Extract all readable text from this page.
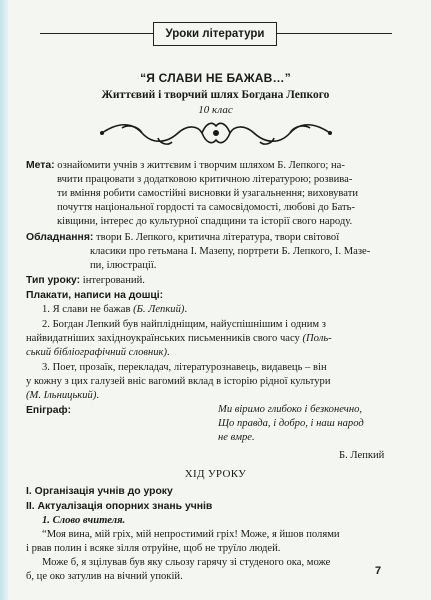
Уроки літератури
“Я СЛАВИ НЕ БАЖАВ…”
Життєвий і творчий шлях Богдана Лепкого
10 клас
Мета: ознайомити учнів з життєвим і творчим шляхом Б. Лепкого; на-
вчити працювати з додатковою критичною літературою; розвива-
ти вміння робити самостійні висновки й узагальнення; виховувати
почуття національної гордості та самосвідомості, любові до Бать-
ківщини, інтерес до культурної спадщини та історії свого народу.
Обладнання: твори Б. Лепкого, критична література, твори світової
класики про гетьмана І. Мазепу, портрети Б. Лепкого, І. Мазе-
пи, ілюстрації.
Тип уроку: інтегрований.
Плакати, написи на дошці:
1. Я слави не бажав (Б. Лепкий).
2. Богдан Лепкий був найплідніщим, найуспішнішим і одним з
найвидатніших західноукраїнських письменників свого часу (Поль-
ський бібліографічний словник).
3. Поет, прозаїк, перекладач, літературознавець, видавець – він
у кожну з цих галузей вніс вагомий вклад в історію рідної культури
(М. Ільницький).
Епіграф:	Ми віримо глибоко і безконечно,
Що правда, і добро, і наш народ
не вмре.
Б. Лепкий
ХІД УРОКУ
І. Організація учнів до уроку
ІІ. Актуалізація опорних знань учнів
1. Слово вчителя.
“Моя вина, мій гріх, мій непростимий гріх! Може, я йшов полями
і рвав полин і всяке зілля отруйне, щоб не труїло людей.
Може б, я зцілував був яку сльозу гарячу зі студеного ока, може
б, це око затулив на вічний упокій.	7
